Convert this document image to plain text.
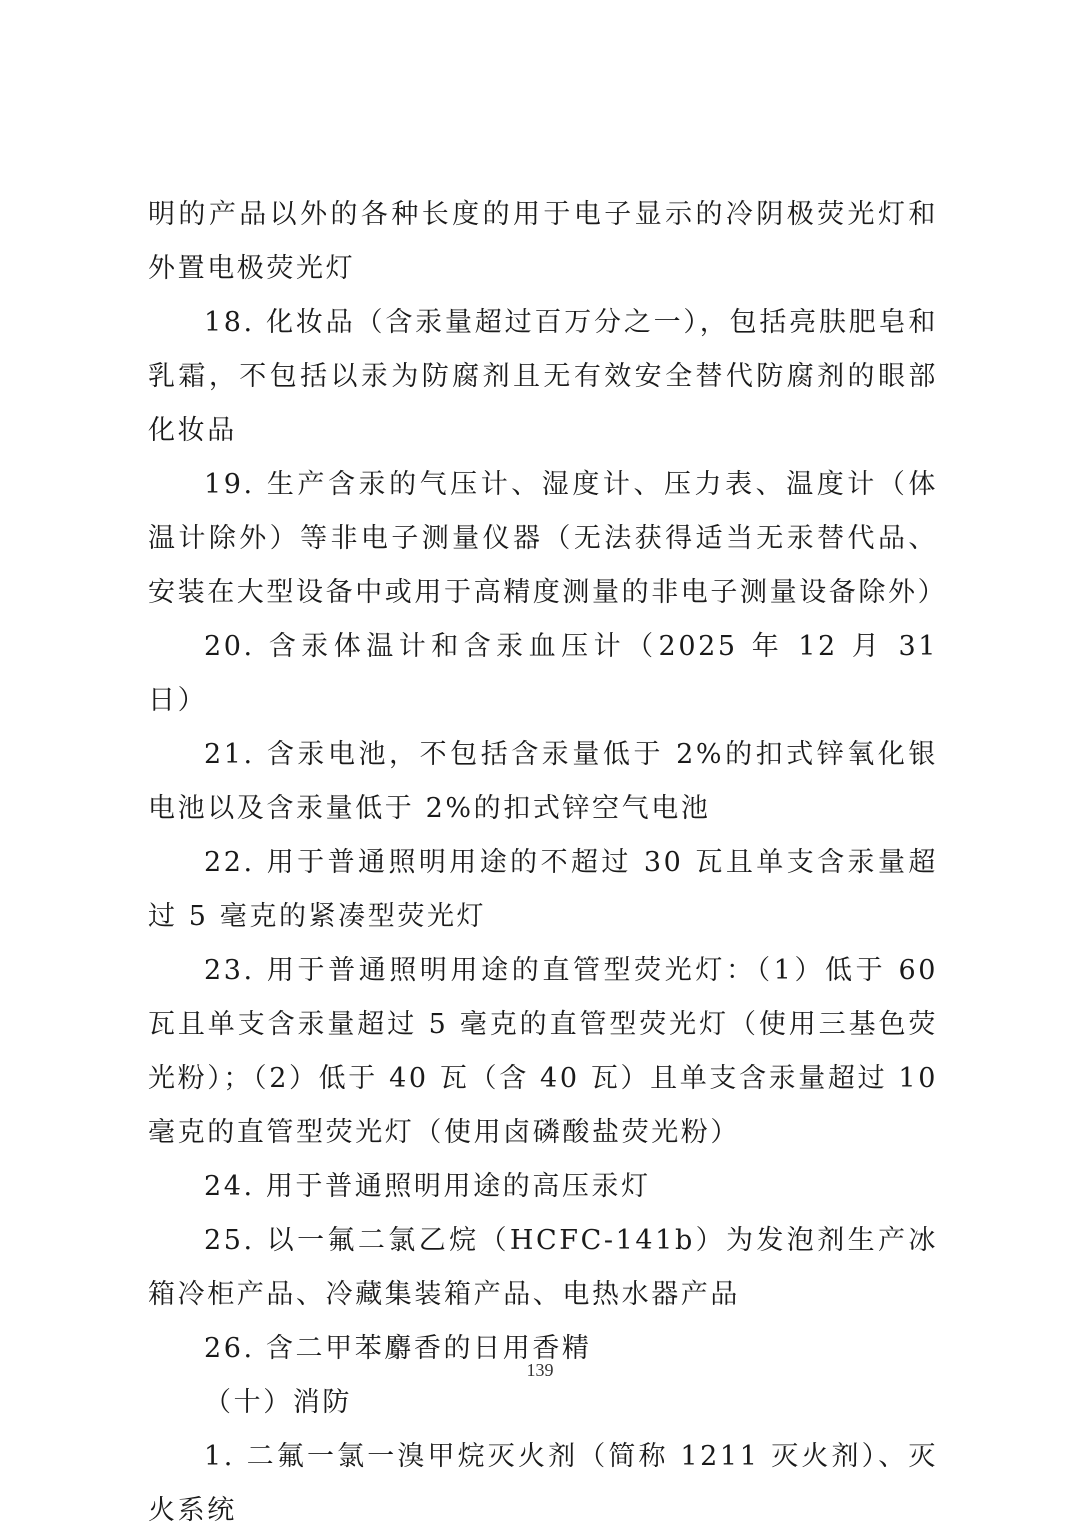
明的产品以外的各种长度的用于电子显示的冷阴极荧光灯和外置电极荧光灯

18. 化妆品（含汞量超过百万分之一），包括亮肤肥皂和乳霜，不包括以汞为防腐剂且无有效安全替代防腐剂的眼部化妆品

19. 生产含汞的气压计、湿度计、压力表、温度计（体温计除外）等非电子测量仪器（无法获得适当无汞替代品、安装在大型设备中或用于高精度测量的非电子测量设备除外）

20. 含汞体温计和含汞血压计（2025 年 12 月 31 日）

21. 含汞电池，不包括含汞量低于 2%的扣式锌氧化银电池以及含汞量低于 2%的扣式锌空气电池

22. 用于普通照明用途的不超过 30 瓦且单支含汞量超过 5 毫克的紧凑型荧光灯

23. 用于普通照明用途的直管型荧光灯：（1）低于 60 瓦且单支含汞量超过 5 毫克的直管型荧光灯（使用三基色荧光粉）；（2）低于 40 瓦（含 40 瓦）且单支含汞量超过 10 毫克的直管型荧光灯（使用卤磷酸盐荧光粉）

24. 用于普通照明用途的高压汞灯

25. 以一氟二氯乙烷（HCFC-141b）为发泡剂生产冰箱冷柜产品、冷藏集装箱产品、电热水器产品

26. 含二甲苯麝香的日用香精

（十）消防

1. 二氟一氯一溴甲烷灭火剂（简称 1211 灭火剂）、灭火系统

139
